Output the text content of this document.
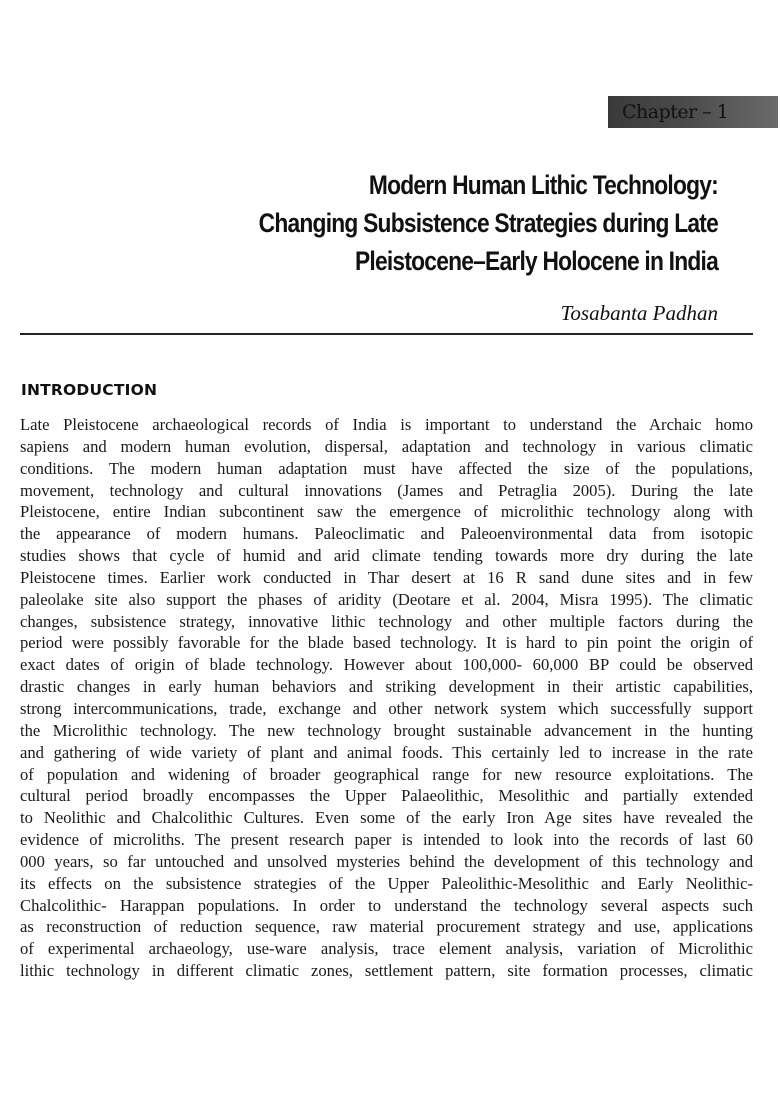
Chapter – 1
Modern Human Lithic Technology:
Changing Subsistence Strategies during Late
Pleistocene–Early Holocene in India
Tosabanta Padhan
INTRODUCTION
Late Pleistocene archaeological records of India is important to understand the Archaic homo
sapiens and modern human evolution, dispersal, adaptation and technology in various climatic
conditions. The modern human adaptation must have affected the size of the populations,
movement, technology and cultural innovations (James and Petraglia 2005). During the late
Pleistocene, entire Indian subcontinent saw the emergence of microlithic technology along with
the appearance of modern humans. Paleoclimatic and Paleoenvironmental data from isotopic
studies shows that cycle of humid and arid climate tending towards more dry during the late
Pleistocene times. Earlier work conducted in Thar desert at 16 R sand dune sites and in few
paleolake site also support the phases of aridity (Deotare et al. 2004, Misra 1995). The climatic
changes, subsistence strategy, innovative lithic technology and other multiple factors during the
period were possibly favorable for the blade based technology. It is hard to pin point the origin of
exact dates of origin of blade technology. However about 100,000- 60,000 BP could be observed
drastic changes in early human behaviors and striking development in their artistic capabilities,
strong intercommunications, trade, exchange and other network system which successfully support
the Microlithic technology. The new technology brought sustainable advancement in the hunting
and gathering of wide variety of plant and animal foods. This certainly led to increase in the rate
of population and widening of broader geographical range for new resource exploitations. The
cultural period broadly encompasses the Upper Palaeolithic, Mesolithic and partially extended
to Neolithic and Chalcolithic Cultures. Even some of the early Iron Age sites have revealed the
evidence of microliths. The present research paper is intended to look into the records of last 60
000 years, so far untouched and unsolved mysteries behind the development of this technology and
its effects on the subsistence strategies of the Upper Paleolithic-Mesolithic and Early Neolithic-
Chalcolithic- Harappan populations. In order to understand the technology several aspects such
as reconstruction of reduction sequence, raw material procurement strategy and use, applications
of experimental archaeology, use-ware analysis, trace element analysis, variation of Microlithic
lithic technology in different climatic zones, settlement pattern, site formation processes, climatic
